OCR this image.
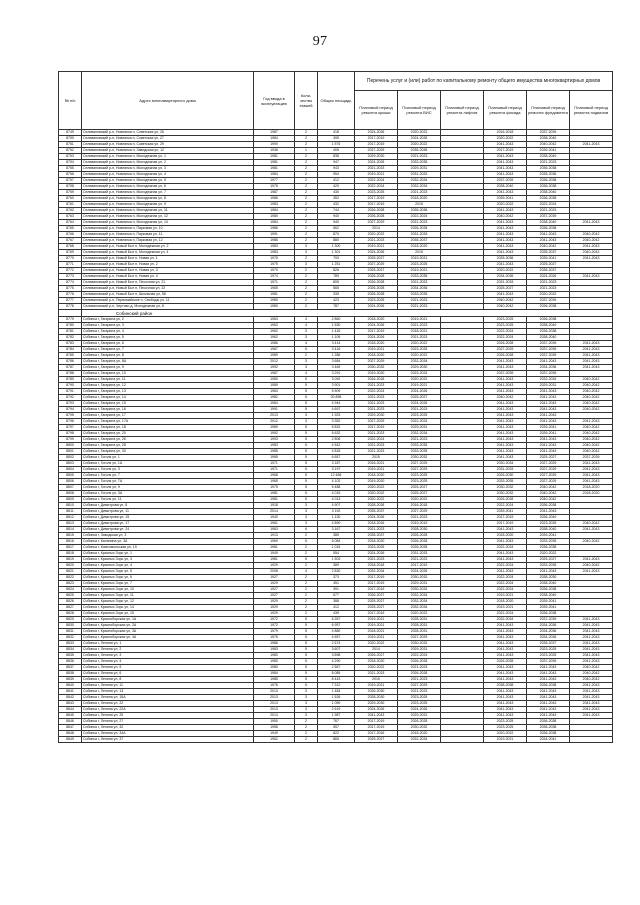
97
№ п/п	Адрес многоквартирного дома	Год ввода в эксплуатацию	Коли-чество этажей	Общая площадь	Перечень услуг и (или) работ по капитальному ремонту общего имущества многоквартирных домов					
					Плановый период ремонта крыши	Плановый период ремонта ВИС	Плановый период ремонта лифтов	Плановый период ремонта фасада	Плановый период ремонта фундамента	Плановый период ремонта подвалов
8749	Селивановский р-н, Новлянка п, Советская ул, 26	1987	2	418	2024-2026	2020-2022		2016-2018	2037-2039	
8750	Селивановский р-н, Новлянка п, Советская ул, 27	1984	2	395	2017-2019	2024-2026		2020-2022	2038-2040	
8751	Селивановский р-н, Новлянка п, Советская ул, 29	1990	2	1 576	2017-2019	2020-2022		2041-2043	2040-2042	2041-2043
8752	Селивановский р-н, Новлянка п, Заводская ул, 12	1936	1	405	2027-2029	2035-2036		2017-2019	2039-2041	
8753	Селивановский р-н, Новлянка п, Молодежная ул, 1	1981	2	838	2029-2030	2021-2023		2041-2043	2038-2040	
8754	Селивановский р-н, Новлянка п, Молодежная ул, 2	1981	2	947	2024-2026	2033-2035		2041-2043	2021-2023	
8755	Селивановский р-н, Новлянка п, Молодежная ул, 3	1981	2	943	2021-2023	2029-2031		2041-2043	2036-2038	
8756	Селивановский р-н, Новлянка п, Молодежная ул, 4	1984	2	954	2019-2021	2031-2033		2041-2043	2035-2036	
8757	Селивановский р-н, Новлянка п, Молодежная ул, 5	1977	2	412	2022-2024	2032-2034		2037-2039	2036-2038	
8758	Селивановский р-н, Новлянка п, Молодежная ул, 6	1975	2	420	2022-2024	2032-2034		2038-2040	2036-2038	
8759	Селивановский р-н, Новлянка п, Молодежная ул, 7	1987	2	430	2023-2025	2021-2023		2041-2043	2038-2040	
8760	Селивановский р-н, Новлянка п, Молодежная ул, 8	1986	2	352	2017-2019	2018-2020		2039-2041	2036-2038	
8761	Селивановский р-н, Новлянка п, Молодежная ул, 9	1983	2	432	2017-2019	2015		2020-2022	2022-2024	
8762	Селивановский р-н, Новлянка п, Молодежная ул, 11	1984	2	744	2026-2028	2035-2036		2041-2043	2021-2023	
8763	Селивановский р-н, Новлянка п, Молодежная ул, 12	1980	2	940	2026-2028	2022-2024		2040-2042	2037-2039	
8764	Селивановский р-н, Новлянка п, Молодежная ул, 14	1984	2	940	2027-2029	2021-2023		2041-2043	2038-2040	2041-2043
8765	Селивановский р-н, Новлянка п, Парковая ул, 10	1986	2	562	2014	2026-2028		2041-2043	2036-2038	
8766	Селивановский р-н, Новлянка п, Парковая ул, 11	1991	2	870	2020-2022	2031-2033		2041-2043	2041-2043	2040-2042
8767	Селивановский р-н, Новлянка п, Парковая ул, 12	1986	2	880	2021-2023	2035-2037		2041-2043	2041-2043	2040-2042
8768	Селивановский р-н, Новый Быт п, Молодежная ул, 2	1983	3	1 300	2019-2021	2018-2020		2041-2043	2040-2042	2041-2043
8769	Селивановский р-н, Новый Быт п, Молодежная ул, 4	1983	3	1 301	2024-2026	2015		2041-2043	2035-2037	2040-2042
8770	Селивановский р-н, Новый Быт п, Новая ул, 1	1975	2	793	2025-2027	2019-2021		2035-2036	2039-2041	2041-2043
8771	Селивановский р-н, Новый Быт п, Новая ул, 2	1975	3	1 251	2027-2029	2023-2025		2041-2043	2025-2027	
8772	Селивановский р-н, Новый Быт п, Новая ул, 3	1970	2	826	2025-2027	2019-2021		2020-2022	2035-2037	
8773	Селивановский р-н, Новый Быт п, Новая ул, 4	1974	2	789	2026-2028	2033-2035		2034-2036	2024-2026	2041-2043
8774	Селивановский р-н, Новый Быт п, Песочная ул, 21	1971	2	805	2026-2028	2021-2023		2031-2033	2021-2023	
8775	Селивановский р-н, Новый Быт п, Песочная ул, 22	1965	2	565	2026-2028	2034-2036		2025-2027	2021-2023	
8776	Селивановский р-н, Новый Быт п, Школьная ул, 58	1981	2	335	2026-2028	2033-2035		2041-2043	2020-2022	
8777	Селивановский р-н, Первомайское п, Свободы ул, 11	1980	2	423	2023-2025	2021-2023		2040-2042	2037-2039	
8778	Селивановский р-н, Чертово д, Молодежная ул, 8	1980	2	787	2024-2026	2021-2023		2040-2042	2036-2038	
	Собинский район									
8779	Собинка г, Гагарина ул, 2	1963	4	2 860	2018-2020	2019-2021		2023-2025	2036-2038	
8780	Собинка г, Гагарина ул, 3	1963	4	1 530	2024-2026	2021-2023		2023-2025	2038-2040	
8781	Собинка г, Гагарина ул, 4	1962	3	1 416	2017-2019	2018-2021		2022-2024	2036-2038	
8782	Собинка г, Гагарина ул, 5	1962	3	1 109	2024-2026	2021-2023		2022-2024	2038-2040	
8783	Собинка г, Гагарина ул, 6	1986	4	3 414	2018-2020	2020-2022		2026-2028	2037-2039	2041-2043
8784	Собинка г, Гагарина ул, 7	1967	5	3 416	2019-2021	2023-2025		2027-2029	2037-2039	2041-2043
8785	Собинка г, Гагарина ул, 8	1989	2	1 286	2018-2020	2020-2022		2026-2028	2037-2039	2041-2043
8786	Собинка г, Гагарина ул, 8А	2012	3	3 684	2027-2029	2032-2034		2041-2043	2041-2043	2041-2043
8787	Собинка г, Гагарина ул, 9	1992	3	3 469	2030-2032	2029-2030		2041-2043	2034-2036	2041-2043
8788	Собинка г, Гагарина ул, 10	1987	4	3 291	2019-2020	2023-2024		2037-2039	2037-2039	
8789	Собинка г, Гагарина ул, 11	1980	5	3 092	2016-2018	2020-2022		2041-2043	2032-2034	2040-2042
8790	Собинка г, Гагарина ул, 12	1989	5	3 901	2021-2023	2019-2021		2041-2043	2029-2031	2040-2042
8791	Собинка г, Гагарина ул, 13	1984	5	5 509	2022-2024	2024-2026		2041-2043	2041-2043	2040-2042
8792	Собинка г, Гагарина ул, 14	1982	5	30 898	2021-2023	2025-2027		2040-2042	2041-2043	2040-2042
8793	Собинка г, Гагарина ул, 15	1984	5	4 944	2021-2023	2024-2026		2041-2043	2041-2043	2040-2042
8794	Собинка г, Гагарина ул, 16	1991	5	4 697	2021-2023	2021-2023		2041-2043	2041-2043	2040-2042
8795	Собинка г, Гагарина ул, 17	2013	3	1 923	2029-2030	2023-2025		2041-2043	2041-2043	
8796	Собинка г, Гагарина ул, 17А	2012	3	3 352	2027-2029	2022-2024		2041-2043	2041-2043	2041-2043
8797	Собинка г, Гагарина ул, 18	1989	5	5 832	2017-2019	2029-2031		2041-2043	2039-2041	2040-2042
8798	Собинка г, Гагарина ул, 20	1992	5	5 632	2021-2023	2032-2034		2041-2043	2039-2041	2040-2042
8799	Собинка г, Гагарина ул, 26	1993	5	2 806	2022-2024	2021-2023		2041-2043	2041-2043	2040-2042
8800	Собинка г, Гагарина ул, 28	1983	5	4 542	2021-2023	2033-2035		2041-2043	2041-2043	2040-2042
8801	Собинка г, Гагарина ул, 30	1985	5	4 818	2021-2023	2033-2035		2041-2043	2041-2043	2040-2042
8802	Собинка г, Гоголя ул, 1	1965	5	6 657	2015	2030-2032		2041-2043	2025-2027	2037-2039
8803	Собинка г, Гоголя ул, 1А	1971	5	3 187	2016-2021	2027-2029		2030-2034	2027-2029	2041-2043
8804	Собинка г, Гоголя ул, 3	1971	5	3 197	2019-2021	2027-2029		2031-2033	2027-2029	2041-2043
8805	Собинка г, Гоголя ул, 7	1968	5	12 456	2018-2020	2023-2025		2026-2030	2027-2029	2041-2043
8806	Собинка г, Гоголя ул, 7А	1965	5	4 102	2019-2020	2023-2025		2033-2035	2027-2029	2041-2043
8807	Собинка г, Гоголя ул, 9	1975	5	5 488	2020-2022	2025-2027		2030-2032	2040-2042	2018-2020
8808	Собинка г, Гоголя ул, 3А	1981	5	4 015	2020-2022	2025-2027		2030-2032	2040-2042	2018-2020
8809	Собинка г, Гоголя ул, 11	1981	5	4 013	2020-2022	2020-2022		2026-2028	2040-2042	
8810	Собинка г, Димитрова ул, 8	1918	3	4 907	2028-2028	2016-2018		2022-2024	2036-2038	
8811	Собинка г, Димитрова ул, 11	2014	3	3 192	2035-2037	2027-2029		2039-2041	2041-2043	
8812	Собинка г, Димитрова ул, 15	1940	3	1 130	2024-2026	2021-2023		2017-2019	2036-2040	
8813	Собинка г, Димитрова ул, 17	1961	3	4 890	2018-2016	2019-2019		2017-2019	2023-2025	2040-2042
8814	Собинка г, Димитрова ул, 24	1963	6	3 167	2021-2023	2028-2030		2041-2043	2038-2040	2041-2043
8815	Собинка г, Заводская ул, 3	1913	2	385	2035-2037	2026-2028		2018-2020	2039-2041	
8816	Собинка г, Калинина ул, 3А	1969	5	6 084	2018-2020	2026-2028		2041-2043	2033-2035	2040-2042
8817	Собинка г, Комсомольская ул, 19	1961	2	1 015	2023-2025	2026-2028		2022-2024	2036-2038	
8818	Собинка г, Красных Зорь ул, 1	1949	2	554	2024-2026	2031-2033		2041-2043	2020-2022	
8819	Собинка г, Красных Зорь ул, 3	1981	5	1 503	2021-2023	2021-2023		2041-2043	2025-2027	2041-2043
8820	Собинка г, Красных Зорь ул, 4	1929	2	389	2018-2018	2017-2019		2022-2024	2033-2035	2040-2042
8821	Собинка г, Красных Зорь ул, 5	2008	4	2 830	2032-2034	2024-2026		2041-2043	2041-2043	2041-2043
8822	Собинка г, Красных Зорь ул, 6	1927	2	373	2017-2019	2030-2032		2022-2024	2038-2030	
8823	Собинка г, Красных Зорь ул, 7	1929	2	451	2017-2019	2029-2031		2022-2024	2038-2040	
8824	Собинка г, Красных Зорь ул, 10	1927	2	391	2017-2019	2030-2032		2022-2024	2036-2038	
8825	Собинка г, Красных Зорь ул, 11	1927	2	677	2026-2027	2032-2034		2019-2021	2038-2040	
8826	Собинка г, Красных Зорь ул, 12	1929	2	388	2025-2027	2032-2034		2018-2020	2039-2041	
8827	Собинка г, Красных Зорь ул, 14	1929	2	412	2025-2027	2032-2034		2019-2021	2039-2041	
8828	Собинка г, Красных Зорь ул, 15	1929	2	439	2017-2019	2020-2022		2022-2024	2036-2038	
8829	Собинка г, Красноборская ул, 1А	1972	5	6 267	2019-2021	2028-2031		2032-2034	2037-2039	2041-2043
8830	Собинка г, Красноборская ул, 2А	1972	5	6 957	2019-2021	2028-2031		2041-2043	2034-2036	2041-2043
8831	Собинка г, Красноборская ул, 3А	1979	5	4 880	2018-2021	2028-2031		2041-2043	2034-2036	2041-2043
8832	Собинка г, Красноборская ул, 4А	1975	5	4 657	2019-2021	2027-2029		2041-2043	2034-2036	2041-2043
8833	Собинка г, Ленина ул, 1	1986	5	2 674	2020-2022	2030-2032		2041-2043	2035-2037	2041-2043
8834	Собинка г, Ленина ул, 2	1983	5	3 607	2014	2029-2031		2041-2043	2023-2025	2041-2043
8835	Собинка г, Ленина ул, 3	1980	5	3 898	2026-2027	2022-2024		2041-2043	2023-2025	2041-2043
8836	Собинка г, Ленина ул, 4	1980	5	4 290	2018-2020	2026-2028		2026-2028	2037-2039	2041-2043
8837	Собинка г, Ленина ул, 5	1980	5	2 567	2020-2022	2021-2023		2041-2043	2041-2043	2040-2042
8838	Собинка г, Ленина ул, 6	1984	5	8 085	2021-2023	2026-2028		2041-2043	2041-2043	2040-2042
8839	Собинка г, Ленина ул, 8	1985	5	8 443	2015	2021-2023		2041-2043	2041-2043	2040-2042
8840	Собинка г, Ленина ул, 11	1976	5	7 312	2019-2021	2027-2029		2038-2038	2036-2038	2041-2043
8841	Собинка г, Ленина ул, 13	2013	3	1 484	2026-2030	2021-2023		2041-2043	2041-2043	2041-2043
8842	Собинка г, Ленина ул, 15А	2013	3	1 526	2028-2030	2023-2025		2041-2043	2041-2043	2041-2043
8843	Собинка г, Ленина ул, 22	2013	3	1 059	2029-2030	2023-2025		2041-2043	2041-2043	2041-2043
8844	Собинка г, Ленина ул, 22А	2013	3	2 619	2024-2026	2024-2026		2041-2043	2041-2043	2041-2043
8845	Собинка г, Ленина ул, 25	2014	3	1 987	2041-2043	2029-2031		2041-2043	2041-2043	2041-2043
8846	Собинка г, Ленина ул, 27	1950	2	767	2017-2019	2026-2028		2023-2025	2036-2038	
8847	Собинка г, Ленина ул, 32	1956	2	557	2017-2019	2030-2032		2023-2025	2036-2038	
8848	Собинка г, Ленина ул, 34А	1949	2	622	2017-2016	2018-2020		2020-2022	2036-2038	
8849	Собинка г, Ленина ул, 37	1962	2	865	2025-2027	2032-2034		2019-2021	2034-2041	
